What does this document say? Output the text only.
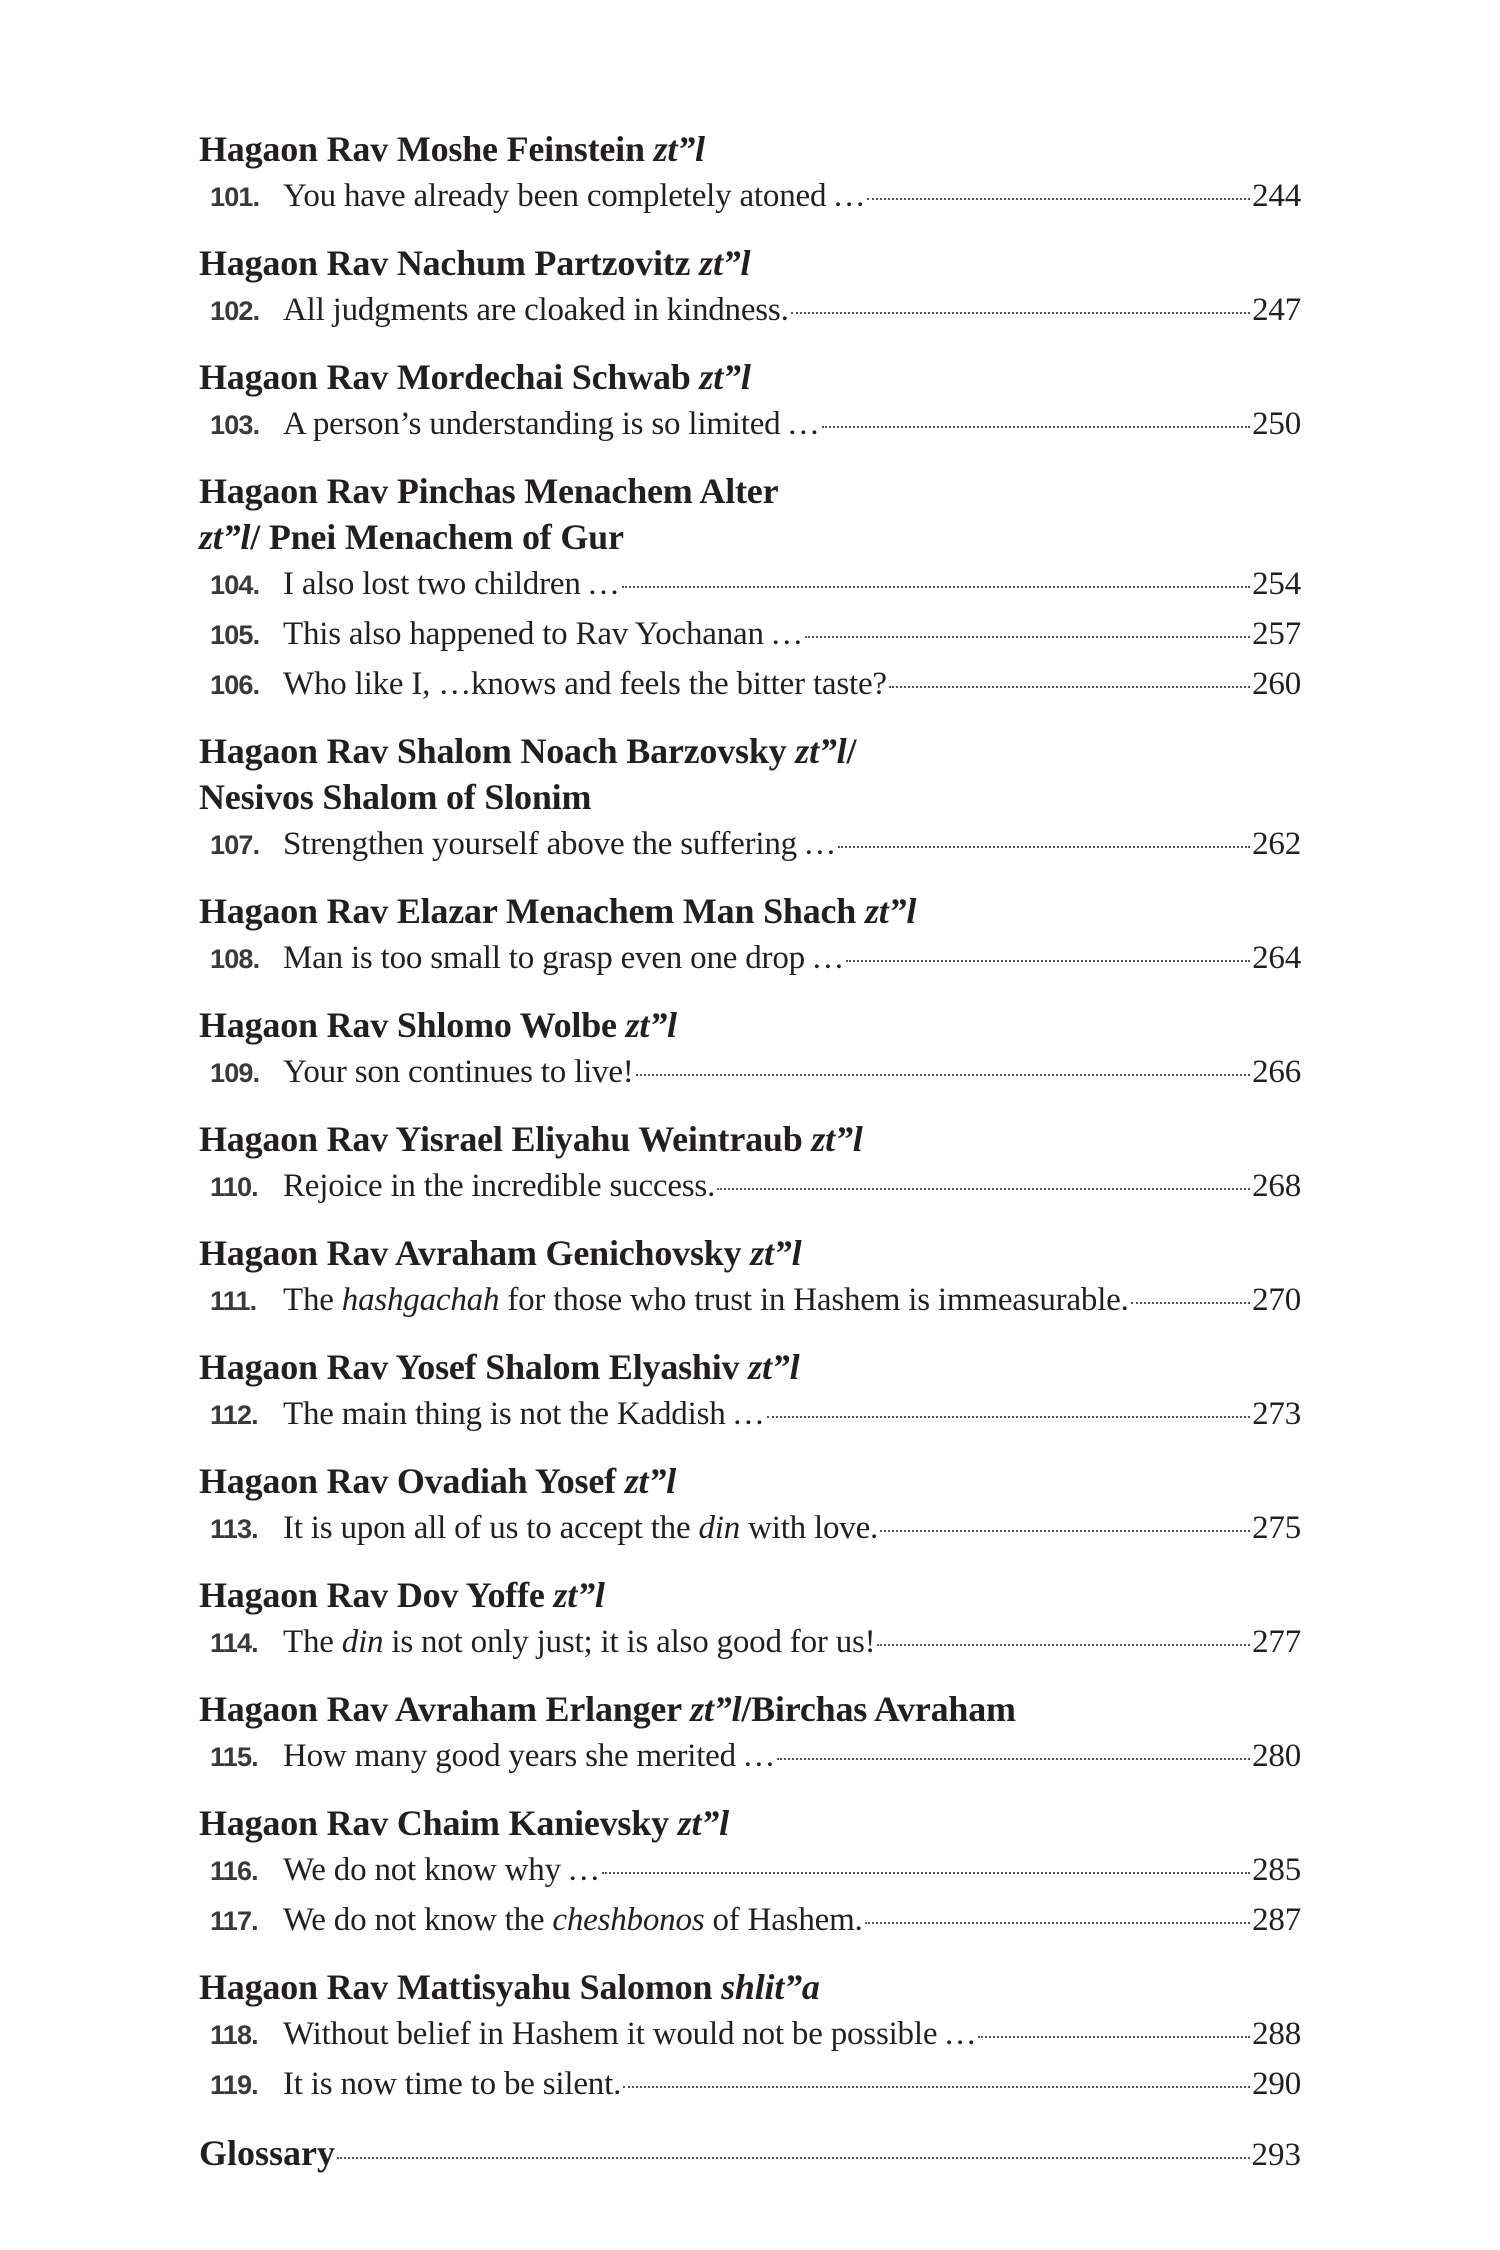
Hagaon Rav Moshe Feinstein zt”l
101. You have already been completely atoned …	244
Hagaon Rav Nachum Partzovitz zt”l
102. All judgments are cloaked in kindness.	247
Hagaon Rav Mordechai Schwab zt”l
103. A person’s understanding is so limited …	250
Hagaon Rav Pinchas Menachem Alter
zt”l/ Pnei Menachem of Gur
104. I also lost two children …	254
105. This also happened to Rav Yochanan …	257
106. Who like I, …knows and feels the bitter taste?	260
Hagaon Rav Shalom Noach Barzovsky zt”l/
Nesivos Shalom of Slonim
107. Strengthen yourself above the suffering …	262
Hagaon Rav Elazar Menachem Man Shach zt”l
108. Man is too small to grasp even one drop …	264
Hagaon Rav Shlomo Wolbe zt”l
109. Your son continues to live!	266
Hagaon Rav Yisrael Eliyahu Weintraub zt”l
110. Rejoice in the incredible success.	268
Hagaon Rav Avraham Genichovsky zt”l
111. The hashgachah for those who trust in Hashem is immeasurable.	270
Hagaon Rav Yosef Shalom Elyashiv zt”l
112. The main thing is not the Kaddish …	273
Hagaon Rav Ovadiah Yosef zt”l
113. It is upon all of us to accept the din with love.	275
Hagaon Rav Dov Yoffe zt”l
114. The din is not only just; it is also good for us!	277
Hagaon Rav Avraham Erlanger zt”l/Birchas Avraham
115. How many good years she merited …	280
Hagaon Rav Chaim Kanievsky zt”l
116. We do not know why …	285
117. We do not know the cheshbonos of Hashem.	287
Hagaon Rav Mattisyahu Salomon shlit”a
118. Without belief in Hashem it would not be possible …	288
119. It is now time to be silent.	290
Glossary	293
